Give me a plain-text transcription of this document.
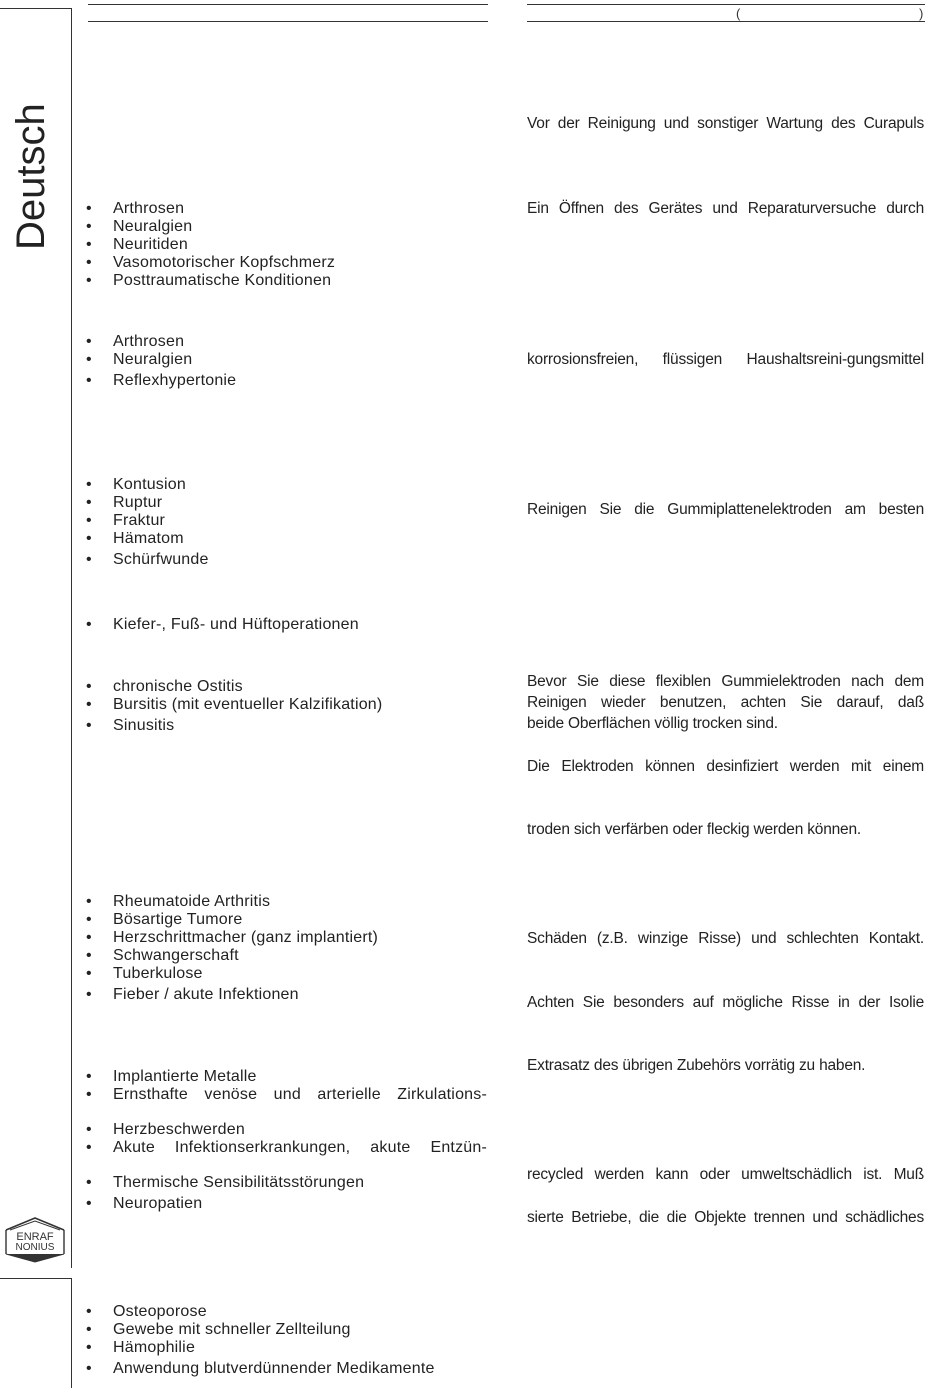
Deutsch
ENRAF
NONIUS
(	)
• Arthrosen
• Neuralgien
• Neuritiden
• Vasomotorischer Kopfschmerz
• Posttraumatische Konditionen
• Arthrosen
• Neuralgien
• Reflexhypertonie
• Kontusion
• Ruptur
• Fraktur
• Hämatom
• Schürfwunde
• Kiefer-, Fuß- und Hüftoperationen
• chronische Ostitis
• Bursitis (mit eventueller Kalzifikation)
• Sinusitis
• Rheumatoide Arthritis
• Bösartige Tumore
• Herzschrittmacher (ganz implantiert)
• Schwangerschaft
• Tuberkulose
• Fieber / akute Infektionen
• Implantierte Metalle
• Ernsthafte venöse und arterielle Zirkulations-
• Herzbeschwerden
• Akute Infektionserkrankungen, akute Entzün-
• Thermische Sensibilitätsstörungen
• Neuropatien
• Osteoporose
• Gewebe mit schneller Zellteilung
• Hämophilie
• Anwendung blutverdünnender Medikamente
Vor der Reinigung und sonstiger Wartung des Curapuls
Ein Öffnen des Gerätes und Reparaturversuche durch
korrosionsfreien, flüssigen Haushaltsreini-gungsmittel
Reinigen Sie die Gummiplattenelektroden am besten
Bevor Sie diese flexiblen Gummielektroden nach dem
Reinigen wieder benutzen, achten Sie darauf, daß
beide Oberflächen völlig trocken sind.
Die Elektroden können desinfiziert werden mit einem
troden sich verfärben oder fleckig werden können.
Schäden (z.B. winzige Risse) und schlechten Kontakt.
Achten Sie besonders auf mögliche Risse in der Isolie
Extrasatz des übrigen Zubehörs vorrätig zu haben.
recycled werden kann oder umweltschädlich ist. Muß
sierte Betriebe, die die Objekte trennen und schädliches
